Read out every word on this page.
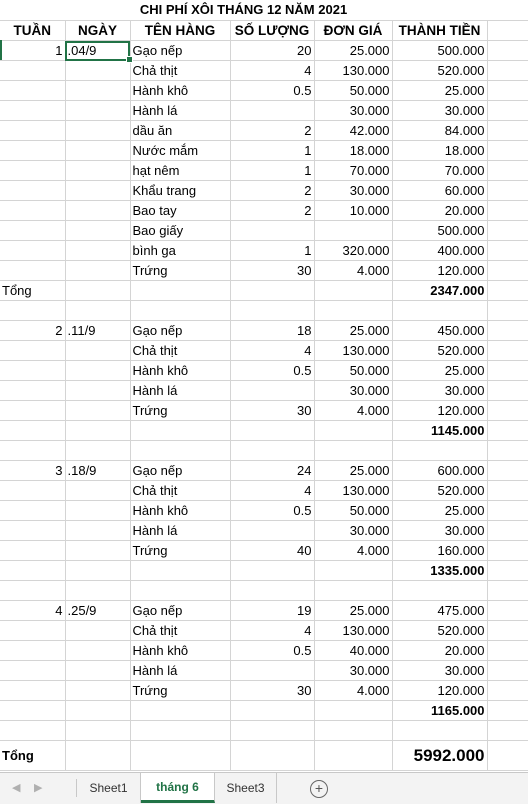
CHI PHÍ XÔI THÁNG 12 NĂM 2021						
TUẦN	NGÀY	TÊN HÀNG	SỐ LƯỢNG	ĐƠN GIÁ	THÀNH TIỀN	
1	.04/9	Gạo nếp	20	25.000	500.000	
		Chả thịt	4	130.000	520.000	
		Hành khô	0.5	50.000	25.000	
		Hành lá		30.000	30.000	
		dầu ăn	2	42.000	84.000	
		Nước mắm	1	18.000	18.000	
		hạt nêm	1	70.000	70.000	
		Khẩu trang	2	30.000	60.000	
		Bao tay	2	10.000	20.000	
		Bao giấy			500.000	
		bình ga	1	320.000	400.000	
		Trứng	30	4.000	120.000	
Tổng					2347.000	

2	.11/9	Gạo nếp	18	25.000	450.000	
		Chả thịt	4	130.000	520.000	
		Hành khô	0.5	50.000	25.000	
		Hành lá		30.000	30.000	
		Trứng	30	4.000	120.000	
					1145.000	

3	.18/9	Gạo nếp	24	25.000	600.000	
		Chả thịt	4	130.000	520.000	
		Hành khô	0.5	50.000	25.000	
		Hành lá		30.000	30.000	
		Trứng	40	4.000	160.000	
					1335.000	

4	.25/9	Gạo nếp	19	25.000	475.000	
		Chả thịt	4	130.000	520.000	
		Hành khô	0.5	40.000	20.000	
		Hành lá		30.000	30.000	
		Trứng	30	4.000	120.000	
					1165.000	

Tổng					5992.000	
◀ ▶	Sheet1	tháng 6	Sheet3	+
